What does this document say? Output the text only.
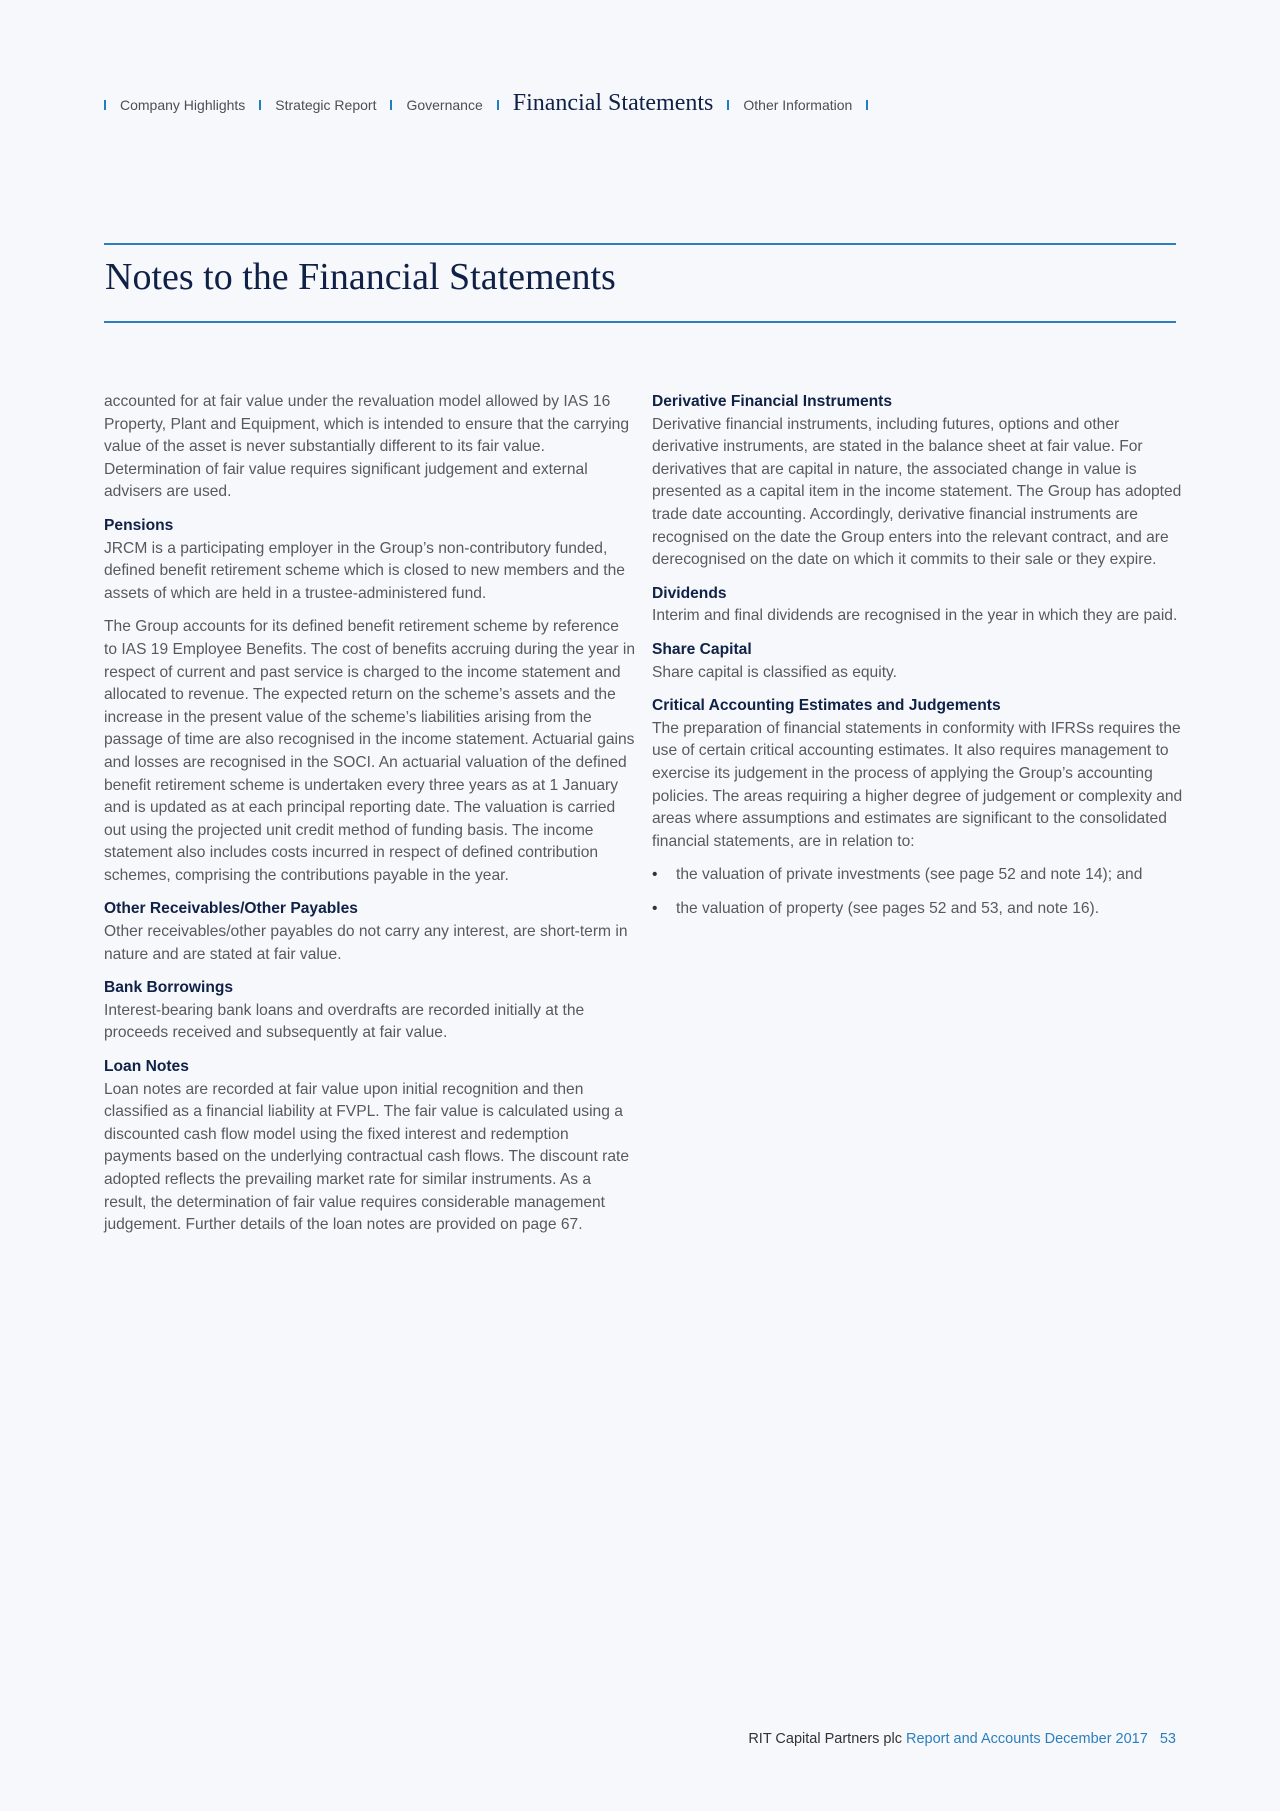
Company Highlights Strategic Report Governance Financial Statements Other Information
Notes to the Financial Statements

accounted for at fair value under the revaluation model allowed by IAS 16 Property, Plant and Equipment, which is intended to ensure that the carrying value of the asset is never substantially different to its fair value. Determination of fair value requires significant judgement and external advisers are used.

Pensions

JRCM is a participating employer in the Group’s non-contributory funded, defined benefit retirement scheme which is closed to new members and the assets of which are held in a trustee-administered fund.

The Group accounts for its defined benefit retirement scheme by reference to IAS 19 Employee Benefits. The cost of benefits accruing during the year in respect of current and past service is charged to the income statement and allocated to revenue. The expected return on the scheme’s assets and the increase in the present value of the scheme’s liabilities arising from the passage of time are also recognised in the income statement. Actuarial gains and losses are recognised in the SOCI. An actuarial valuation of the defined benefit retirement scheme is undertaken every three years as at 1 January and is updated as at each principal reporting date. The valuation is carried out using the projected unit credit method of funding basis. The income statement also includes costs incurred in respect of defined contribution schemes, comprising the contributions payable in the year.

Other Receivables/Other Payables

Other receivables/other payables do not carry any interest, are short-term in nature and are stated at fair value.

Bank Borrowings

Interest-bearing bank loans and overdrafts are recorded initially at the proceeds received and subsequently at fair value.

Loan Notes

Loan notes are recorded at fair value upon initial recognition and then classified as a financial liability at FVPL. The fair value is calculated using a discounted cash flow model using the fixed interest and redemption payments based on the underlying contractual cash flows. The discount rate adopted reflects the prevailing market rate for similar instruments. As a result, the determination of fair value requires considerable management judgement. Further details of the loan notes are provided on page 67.

Derivative Financial Instruments

Derivative financial instruments, including futures, options and other derivative instruments, are stated in the balance sheet at fair value. For derivatives that are capital in nature, the associated change in value is presented as a capital item in the income statement. The Group has adopted trade date accounting. Accordingly, derivative financial instruments are recognised on the date the Group enters into the relevant contract, and are derecognised on the date on which it commits to their sale or they expire.

Dividends

Interim and final dividends are recognised in the year in which they are paid.

Share Capital

Share capital is classified as equity.

Critical Accounting Estimates and Judgements

The preparation of financial statements in conformity with IFRSs requires the use of certain critical accounting estimates. It also requires management to exercise its judgement in the process of applying the Group’s accounting policies. The areas requiring a higher degree of judgement or complexity and areas where assumptions and estimates are significant to the consolidated financial statements, are in relation to:

• the valuation of private investments (see page 52 and note 14); and
• the valuation of property (see pages 52 and 53, and note 16).
RIT Capital Partners plc Report and Accounts December 2017 53
